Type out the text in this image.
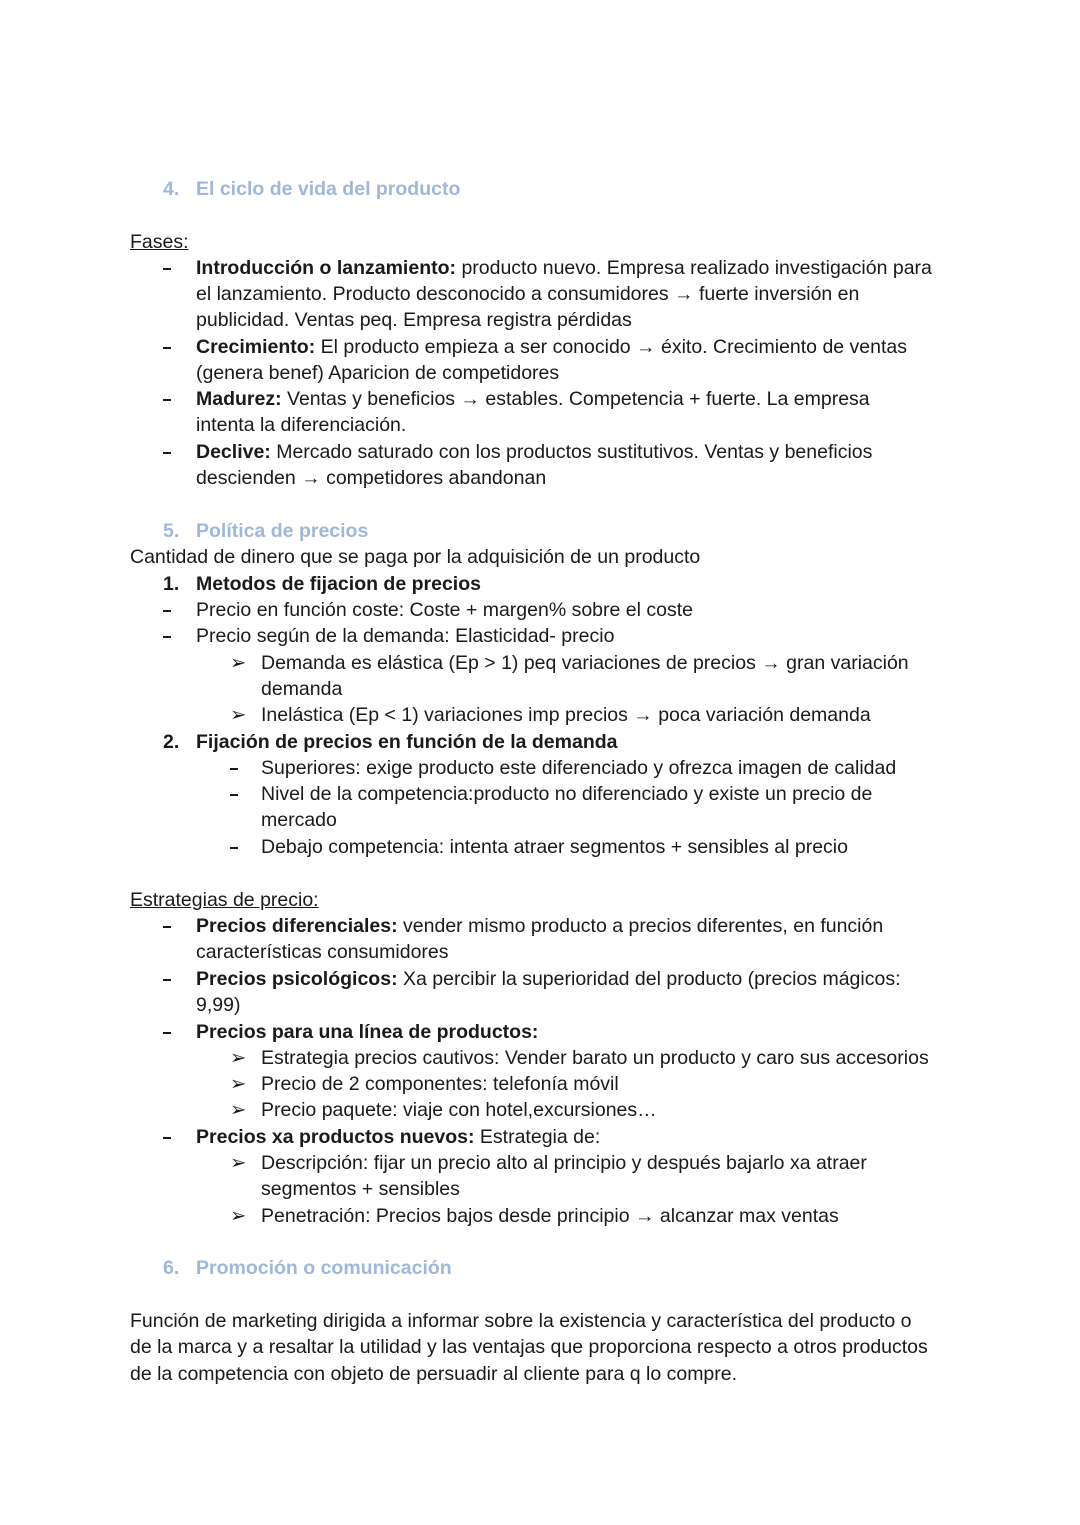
4. El ciclo de vida del producto
Fases:
Introducción o lanzamiento: producto nuevo. Empresa realizado investigación para
el lanzamiento. Producto desconocido a consumidores → fuerte inversión en
publicidad. Ventas peq. Empresa registra pérdidas
Crecimiento: El producto empieza a ser conocido → éxito. Crecimiento de ventas
(genera benef) Aparicion de competidores
Madurez: Ventas y beneficios → estables. Competencia + fuerte. La empresa
intenta la diferenciación.
Declive: Mercado saturado con los productos sustitutivos. Ventas y beneficios
descienden → competidores abandonan
5. Política de precios
Cantidad de dinero que se paga por la adquisición de un producto
1. Metodos de fijacion de precios
Precio en función coste: Coste + margen% sobre el coste
Precio según de la demanda: Elasticidad- precio
➢ Demanda es elástica (Ep > 1) peq variaciones de precios → gran variación
demanda
➢ Inelástica (Ep < 1) variaciones imp precios → poca variación demanda
2. Fijación de precios en función de la demanda
Superiores: exige producto este diferenciado y ofrezca imagen de calidad
Nivel de la competencia:producto no diferenciado y existe un precio de
mercado
Debajo competencia: intenta atraer segmentos + sensibles al precio
Estrategias de precio:
Precios diferenciales: vender mismo producto a precios diferentes, en función
características consumidores
Precios psicológicos: Xa percibir la superioridad del producto (precios mágicos:
9,99)
Precios para una línea de productos:
➢ Estrategia precios cautivos: Vender barato un producto y caro sus accesorios
➢ Precio de 2 componentes: telefonía móvil
➢ Precio paquete: viaje con hotel,excursiones…
Precios xa productos nuevos: Estrategia de:
➢ Descripción: fijar un precio alto al principio y después bajarlo xa atraer
segmentos + sensibles
➢ Penetración: Precios bajos desde principio → alcanzar max ventas
6. Promoción o comunicación
Función de marketing dirigida a informar sobre la existencia y característica del producto o
de la marca y a resaltar la utilidad y las ventajas que proporciona respecto a otros productos
de la competencia con objeto de persuadir al cliente para q lo compre.
